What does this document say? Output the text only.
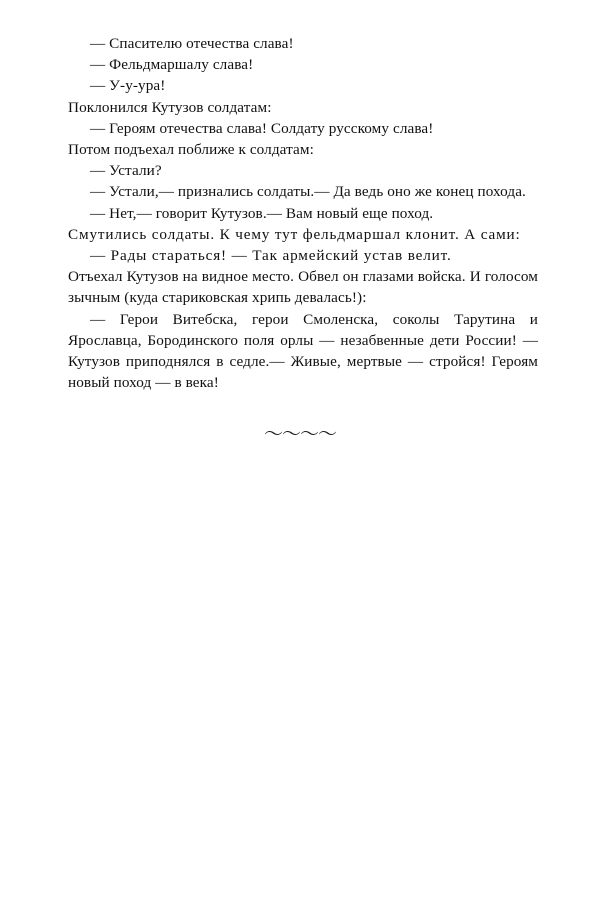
— Спасителю отечества слава!

— Фельдмаршалу слава!

— У-у-ура!

Поклонился Кутузов солдатам:

— Героям отечества слава! Солдату русскому слава!

Потом подъехал поближе к солдатам:

— Устали?

— Устали,— признались солдаты.— Да ведь оно же конец похода.

— Нет,— говорит Кутузов.— Вам новый еще поход.

Смутились солдаты. К чему тут фельдмаршал клонит. А сами:

— Рады стараться! — Так армейский устав велит.

Отъехал Кутузов на видное место. Обвел он глазами войска. И голосом зычным (куда стариковская хрипь девалась!):

— Герои Витебска, герои Смоленска, соколы Тарутина и Ярославца, Бородинского поля орлы — незабвенные дети России! — Кутузов приподнялся в седле.— Живые, мертвые — стройся! Героям новый поход — в века!

〜〜〜〜
